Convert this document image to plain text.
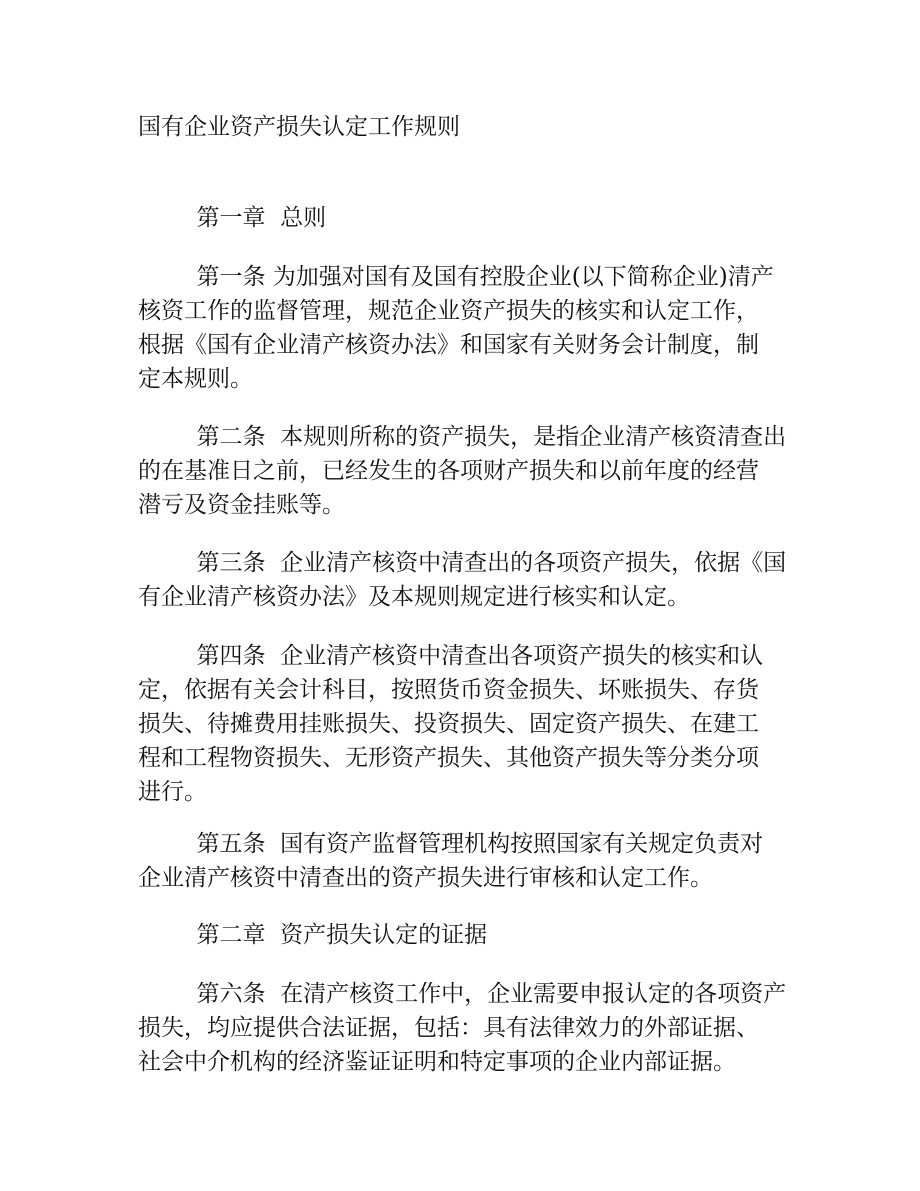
国有企业资产损失认定工作规则

第一章  总则

第一条 为加强对国有及国有控股企业(以下简称企业)清产
核资工作的监督管理，规范企业资产损失的核实和认定工作，
根据《国有企业清产核资办法》和国家有关财务会计制度，制
定本规则。

第二条  本规则所称的资产损失，是指企业清产核资清查出
的在基准日之前，已经发生的各项财产损失和以前年度的经营
潜亏及资金挂账等。

第三条  企业清产核资中清查出的各项资产损失，依据《国
有企业清产核资办法》及本规则规定进行核实和认定。

第四条  企业清产核资中清查出各项资产损失的核实和认
定，依据有关会计科目，按照货币资金损失、坏账损失、存货
损失、待摊费用挂账损失、投资损失、固定资产损失、在建工
程和工程物资损失、无形资产损失、其他资产损失等分类分项
进行。

第五条  国有资产监督管理机构按照国家有关规定负责对
企业清产核资中清查出的资产损失进行审核和认定工作。

第二章  资产损失认定的证据

第六条  在清产核资工作中，企业需要申报认定的各项资产
损失，均应提供合法证据，包括：具有法律效力的外部证据、
社会中介机构的经济鉴证证明和特定事项的企业内部证据。
